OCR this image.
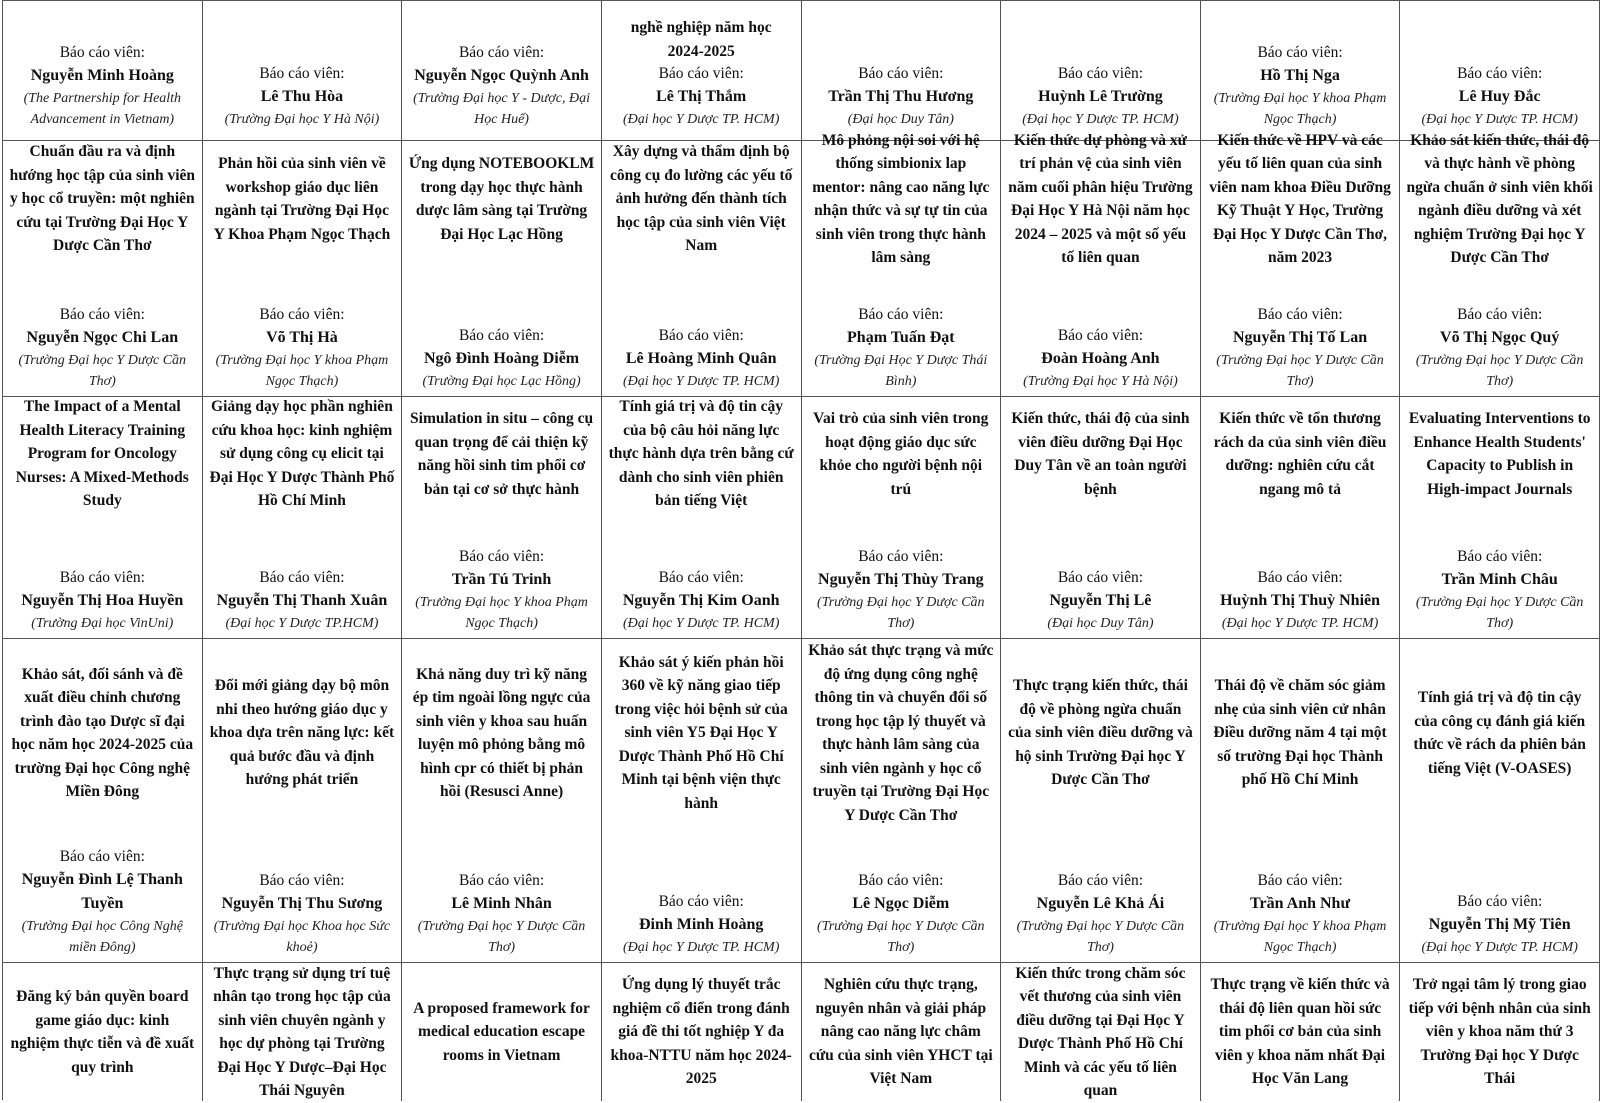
Báo cáo viên:
Nguyễn Minh Hoàng
(The Partnership for Health Advancement in Vietnam)
Báo cáo viên:
Lê Thu Hòa
(Trường Đại học Y Hà Nội)
Báo cáo viên:
Nguyễn Ngọc Quỳnh Anh
(Trường Đại học Y - Dược, Đại Học Huế)
nghề nghiệp năm học
2024-2025
Báo cáo viên:
Lê Thị Thắm
(Đại học Y Dược TP. HCM)
Báo cáo viên:
Trần Thị Thu Hương
(Đại học Duy Tân)
Báo cáo viên:
Huỳnh Lê Trường
(Đại học Y Dược TP. HCM)
Báo cáo viên:
Hồ Thị Nga
(Trường Đại học Y khoa Phạm Ngọc Thạch)
Báo cáo viên:
Lê Huy Đắc
(Đại học Y Dược TP. HCM)
Chuẩn đầu ra và định hướng học tập của sinh viên y học cổ truyền: một nghiên cứu tại Trường Đại Học Y Dược Cần Thơ
Phản hồi của sinh viên về workshop giáo dục liên ngành tại Trường Đại Học Y Khoa Phạm Ngọc Thạch
Ứng dụng NOTEBOOKLM trong dạy học thực hành dược lâm sàng tại Trường Đại Học Lạc Hồng
Xây dựng và thẩm định bộ công cụ đo lường các yếu tố ảnh hưởng đến thành tích học tập của sinh viên Việt Nam
Mô phỏng nội soi với hệ thống simbionix lap mentor: nâng cao năng lực nhận thức và sự tự tin của sinh viên trong thực hành lâm sàng
Kiến thức dự phòng và xử trí phản vệ của sinh viên năm cuối phân hiệu Trường Đại Học Y Hà Nội năm học 2024 – 2025 và một số yếu tố liên quan
Kiến thức về HPV và các yếu tố liên quan của sinh viên nam khoa Điều Dưỡng Kỹ Thuật Y Học, Trường Đại Học Y Dược Cần Thơ, năm 2023
Khảo sát kiến thức, thái độ và thực hành về phòng ngừa chuẩn ở sinh viên khối ngành điều dưỡng và xét nghiệm Trường Đại học Y Dược Cần Thơ
Báo cáo viên:
Nguyễn Ngọc Chi Lan
(Trường Đại học Y Dược Cần Thơ)
Báo cáo viên:
Võ Thị Hà
(Trường Đại học Y khoa Phạm Ngọc Thạch)
Báo cáo viên:
Ngô Đình Hoàng Diễm
(Trường Đại học Lạc Hồng)
Báo cáo viên:
Lê Hoàng Minh Quân
(Đại học Y Dược TP. HCM)
Báo cáo viên:
Phạm Tuấn Đạt
(Trường Đại Học Y Dược Thái Bình)
Báo cáo viên:
Đoàn Hoàng Anh
(Trường Đại học Y Hà Nội)
Báo cáo viên:
Nguyễn Thị Tố Lan
(Trường Đại học Y Dược Cần Thơ)
Báo cáo viên:
Võ Thị Ngọc Quý
(Trường Đại học Y Dược Cần Thơ)
The Impact of a Mental Health Literacy Training Program for Oncology Nurses: A Mixed-Methods Study
Giảng dạy học phần nghiên cứu khoa học: kinh nghiệm sử dụng công cụ elicit tại Đại Học Y Dược Thành Phố Hồ Chí Minh
Simulation in situ – công cụ quan trọng để cải thiện kỹ năng hồi sinh tim phổi cơ bản tại cơ sở thực hành
Tính giá trị và độ tin cậy của bộ câu hỏi năng lực thực hành dựa trên bằng cứ dành cho sinh viên phiên bản tiếng Việt
Vai trò của sinh viên trong hoạt động giáo dục sức khỏe cho người bệnh nội trú
Kiến thức, thái độ của sinh viên điều dưỡng Đại Học Duy Tân về an toàn người bệnh
Kiến thức về tổn thương rách da của sinh viên điều dưỡng: nghiên cứu cắt ngang mô tả
Evaluating Interventions to Enhance Health Students' Capacity to Publish in High-impact Journals
Báo cáo viên:
Nguyễn Thị Hoa Huyền
(Trường Đại học VinUni)
Báo cáo viên:
Nguyễn Thị Thanh Xuân
(Đại học Y Dược TP.HCM)
Báo cáo viên:
Trần Tú Trinh
(Trường Đại học Y khoa Phạm Ngọc Thạch)
Báo cáo viên:
Nguyễn Thị Kim Oanh
(Đại học Y Dược TP. HCM)
Báo cáo viên:
Nguyễn Thị Thùy Trang
(Trường Đại học Y Dược Cần Thơ)
Báo cáo viên:
Nguyễn Thị Lê
(Đại học Duy Tân)
Báo cáo viên:
Huỳnh Thị Thuỳ Nhiên
(Đại học Y Dược TP. HCM)
Báo cáo viên:
Trần Minh Châu
(Trường Đại học Y Dược Cần Thơ)
Khảo sát, đối sánh và đề xuất điều chỉnh chương trình đào tạo Dược sĩ đại học năm học 2024-2025 của trường Đại học Công nghệ Miền Đông
Đổi mới giảng dạy bộ môn nhi theo hướng giáo dục y khoa dựa trên năng lực: kết quả bước đầu và định hướng phát triển
Khả năng duy trì kỹ năng ép tim ngoài lồng ngực của sinh viên y khoa sau huấn luyện mô phỏng bằng mô hình cpr có thiết bị phản hồi (Resusci Anne)
Khảo sát ý kiến phản hồi 360 về kỹ năng giao tiếp trong việc hỏi bệnh sử của sinh viên Y5 Đại Học Y Dược Thành Phố Hồ Chí Minh tại bệnh viện thực hành
Khảo sát thực trạng và mức độ ứng dụng công nghệ thông tin và chuyển đổi số trong học tập lý thuyết và thực hành lâm sàng của sinh viên ngành y học cổ truyền tại Trường Đại Học Y Dược Cần Thơ
Thực trạng kiến thức, thái độ về phòng ngừa chuẩn của sinh viên điều dưỡng và hộ sinh Trường Đại học Y Dược Cần Thơ
Thái độ về chăm sóc giảm nhẹ của sinh viên cử nhân Điều dưỡng năm 4 tại một số trường Đại học Thành phố Hồ Chí Minh
Tính giá trị và độ tin cậy của công cụ đánh giá kiến thức về rách da phiên bản tiếng Việt (V-OASES)
Báo cáo viên:
Nguyễn Đình Lệ Thanh Tuyền
(Trường Đại học Công Nghệ miền Đông)
Báo cáo viên:
Nguyễn Thị Thu Sương
(Trường Đại học Khoa học Sức khoẻ)
Báo cáo viên:
Lê Minh Nhân
(Trường Đại học Y Dược Cần Thơ)
Báo cáo viên:
Đinh Minh Hoàng
(Đại học Y Dược TP. HCM)
Báo cáo viên:
Lê Ngọc Diễm
(Trường Đại học Y Dược Cần Thơ)
Báo cáo viên:
Nguyễn Lê Khả Ái
(Trường Đại học Y Dược Cần Thơ)
Báo cáo viên:
Trần Anh Như
(Trường Đại học Y khoa Phạm Ngọc Thạch)
Báo cáo viên:
Nguyễn Thị Mỹ Tiên
(Đại học Y Dược TP. HCM)
Đăng ký bản quyền board game giáo dục: kinh nghiệm thực tiễn và đề xuất quy trình
Thực trạng sử dụng trí tuệ nhân tạo trong học tập của sinh viên chuyên ngành y học dự phòng tại Trường Đại Học Y Dược–Đại Học Thái Nguyên
A proposed framework for medical education escape rooms in Vietnam
Ứng dụng lý thuyết trắc nghiệm cổ điển trong đánh giá đề thi tốt nghiệp Y đa khoa-NTTU năm học 2024-2025
Nghiên cứu thực trạng, nguyên nhân và giải pháp nâng cao năng lực châm cứu của sinh viên YHCT tại Việt Nam
Kiến thức trong chăm sóc vết thương của sinh viên điều dưỡng tại Đại Học Y Dược Thành Phố Hồ Chí Minh và các yếu tố liên quan
Thực trạng về kiến thức và thái độ liên quan hồi sức tim phổi cơ bản của sinh viên y khoa năm nhất Đại Học Văn Lang
Trở ngại tâm lý trong giao tiếp với bệnh nhân của sinh viên y khoa năm thứ 3 Trường Đại học Y Dược Thái
